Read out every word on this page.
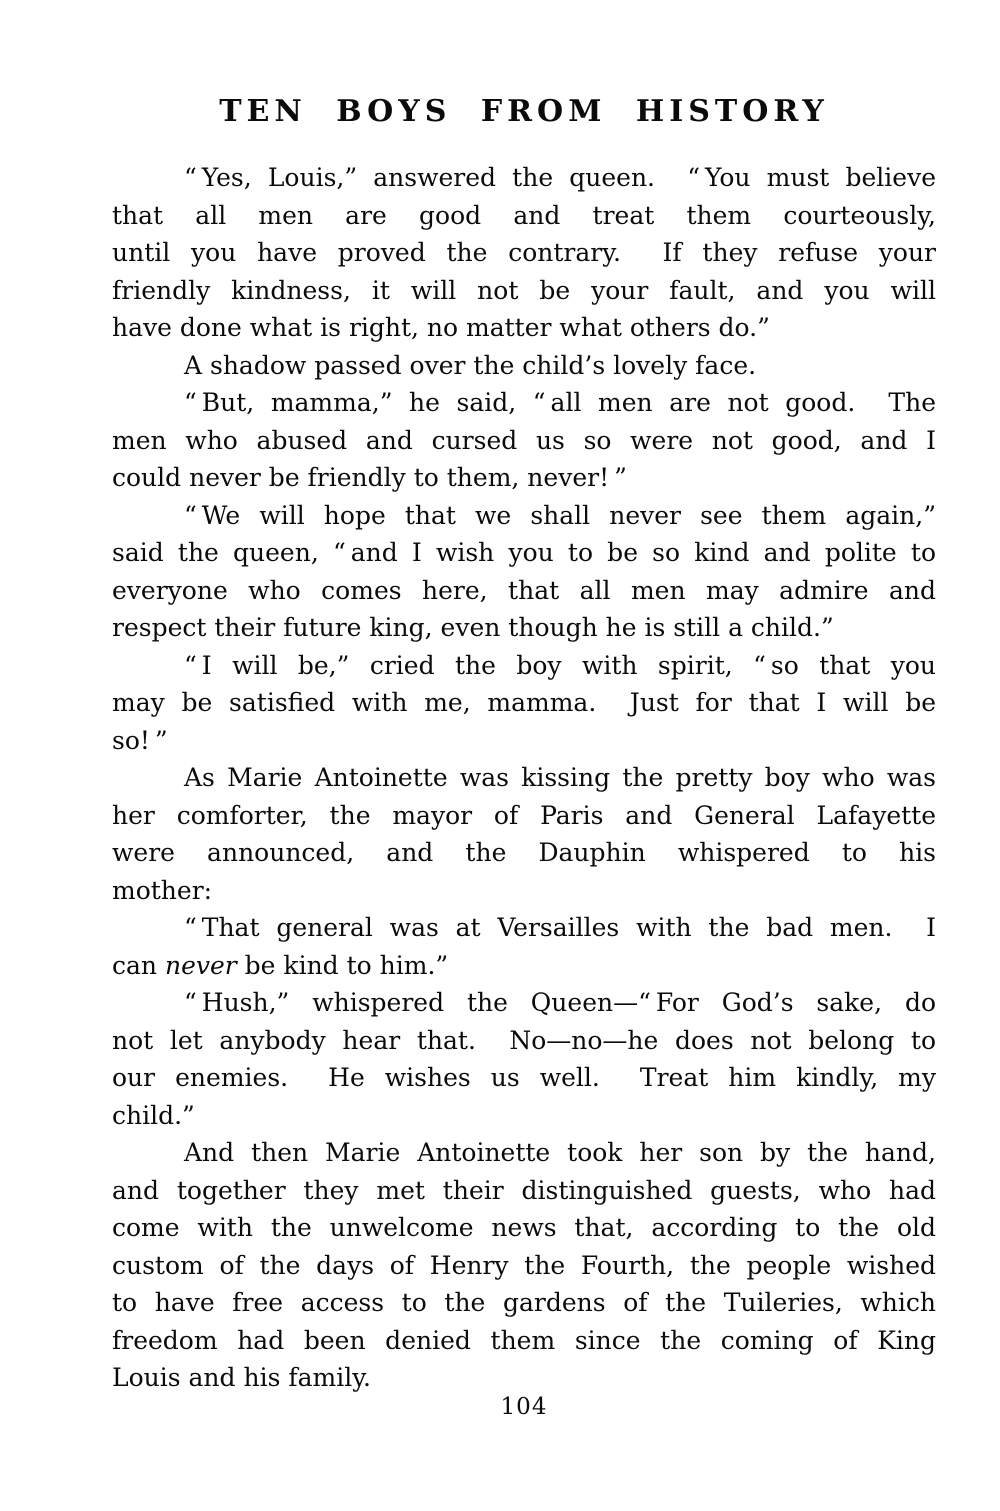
TEN BOYS FROM HISTORY
“ Yes, Louis,” answered the queen.  “ You must believe
that all men are good and treat them courteously,
until you have proved the contrary.  If they refuse your
friendly kindness, it will not be your fault, and you will
have done what is right, no matter what others do.”
A shadow passed over the child’s lovely face.
“ But, mamma,” he said, “ all men are not good.  The
men who abused and cursed us so were not good, and I
could never be friendly to them, never! ”
“ We will hope that we shall never see them again,”
said the queen, “ and I wish you to be so kind and polite to
everyone who comes here, that all men may admire and
respect their future king, even though he is still a child.”
“ I will be,” cried the boy with spirit, “ so that you
may be satisfied with me, mamma.  Just for that I will be
so! ”
As Marie Antoinette was kissing the pretty boy who was
her comforter, the mayor of Paris and General Lafayette
were announced, and the Dauphin whispered to his
mother:
“ That general was at Versailles with the bad men.  I
can never be kind to him.”
“ Hush,” whispered the Queen—“ For God’s sake, do
not let anybody hear that.  No—no—he does not belong to
our enemies.  He wishes us well.  Treat him kindly, my
child.”
And then Marie Antoinette took her son by the hand,
and together they met their distinguished guests, who had
come with the unwelcome news that, according to the old
custom of the days of Henry the Fourth, the people wished
to have free access to the gardens of the Tuileries, which
freedom had been denied them since the coming of King
Louis and his family.
104
